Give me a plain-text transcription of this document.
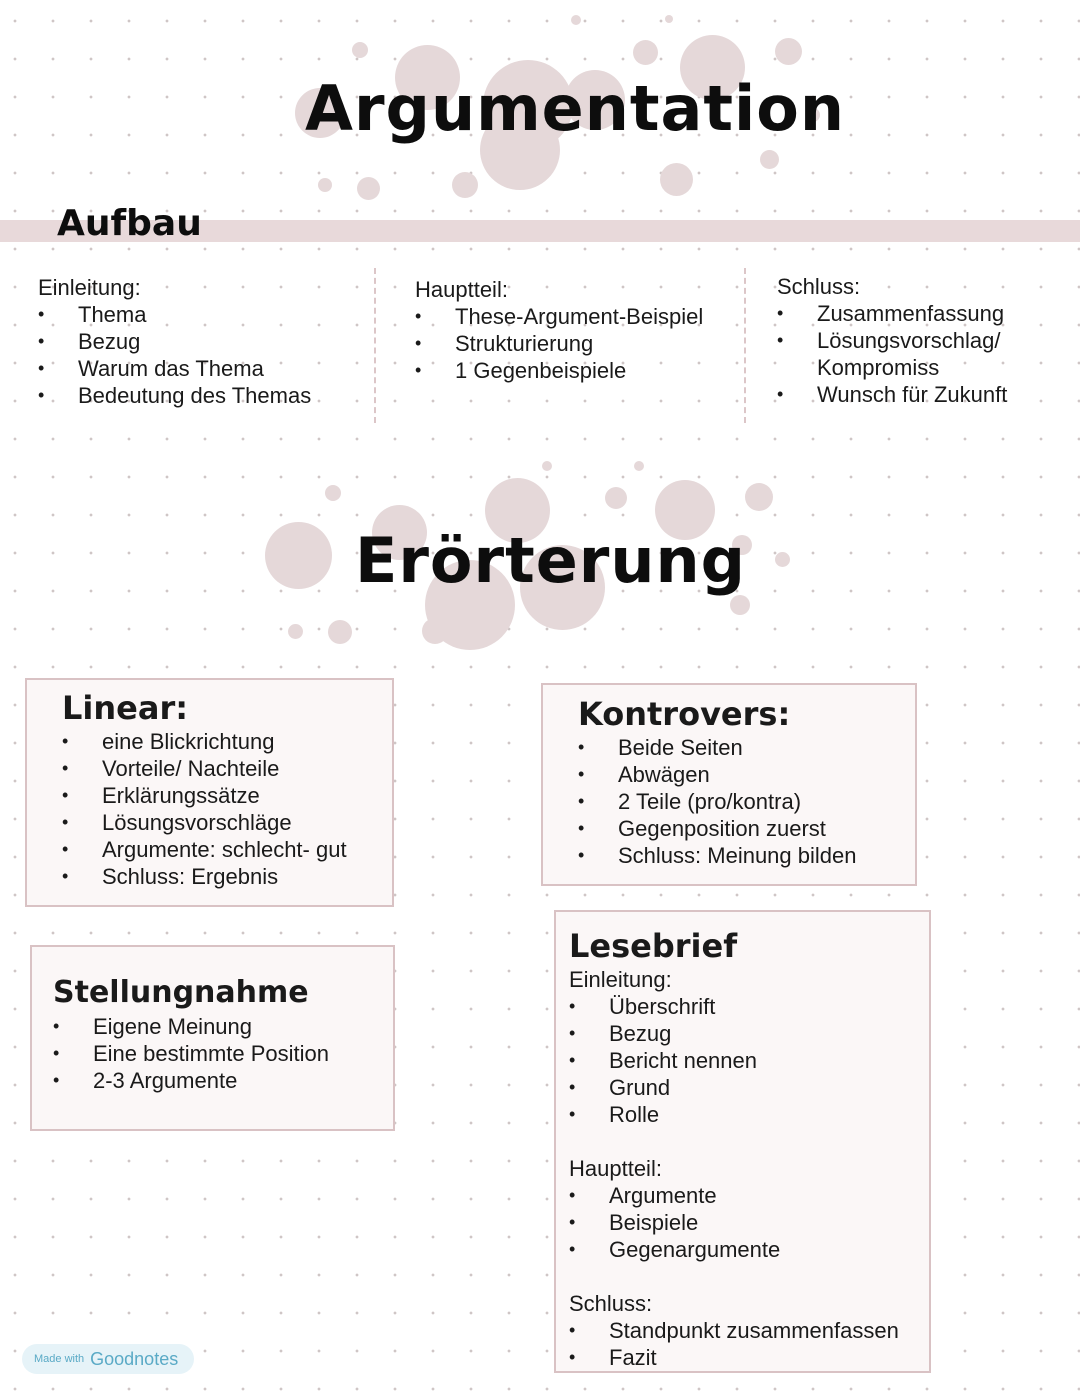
Argumentation
Aufbau
Einleitung:
• Thema
• Bezug
• Warum das Thema
• Bedeutung des Themas
Hauptteil:
• These-Argument-Beispiel
• Strukturierung
• 1 Gegenbeispiele
Schluss:
• Zusammenfassung
• Lösungsvorschlag/ Kompromiss
• Wunsch für Zukunft
Erörterung
Linear:
• eine Blickrichtung
• Vorteile/ Nachteile
• Erklärungssätze
• Lösungsvorschläge
• Argumente: schlecht- gut
• Schluss: Ergebnis
Kontrovers:
• Beide Seiten
• Abwägen
• 2 Teile (pro/kontra)
• Gegenposition zuerst
• Schluss: Meinung bilden
Stellungnahme
• Eigene Meinung
• Eine bestimmte Position
• 2-3 Argumente
Lesebrief
Einleitung:
• Überschrift
• Bezug
• Bericht nennen
• Grund
• Rolle
Hauptteil:
• Argumente
• Beispiele
• Gegenargumente
Schluss:
• Standpunkt zusammenfassen
• Fazit
Made with Goodnotes
